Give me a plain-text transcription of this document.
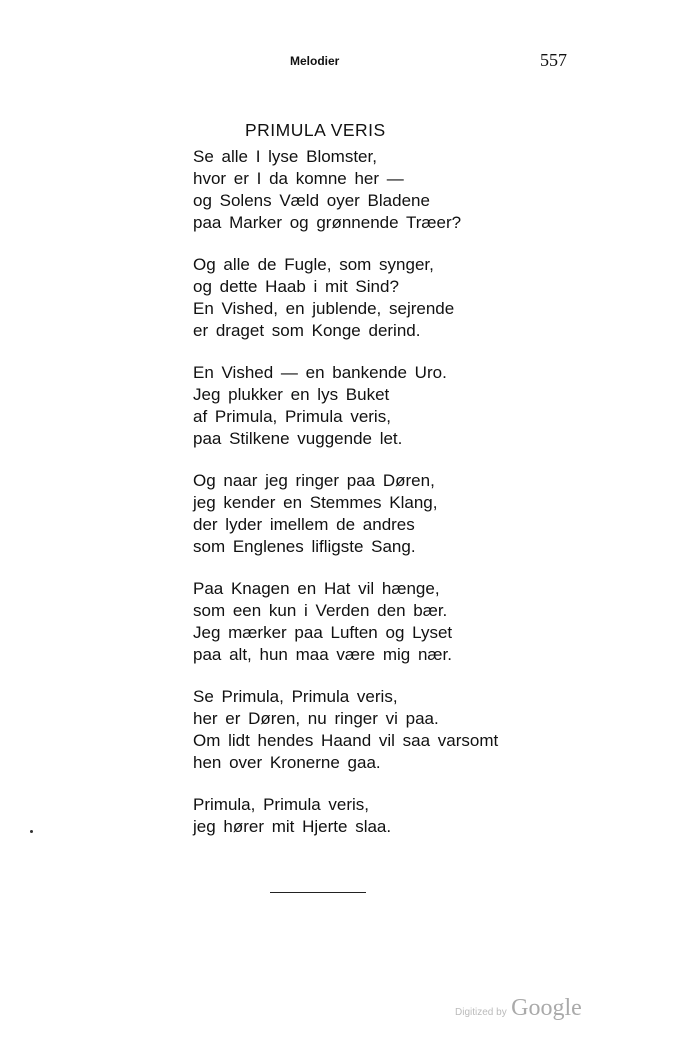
Melodier	557
PRIMULA VERIS
Se alle I lyse Blomster,
hvor er I da komne her —
og Solens Væld oyer Bladene
paa Marker og grønnende Træer?
Og alle de Fugle, som synger,
og dette Haab i mit Sind?
En Vished, en jublende, sejrende
er draget som Konge derind.
En Vished — en bankende Uro.
Jeg plukker en lys Buket
af Primula, Primula veris,
paa Stilkene vuggende let.
Og naar jeg ringer paa Døren,
jeg kender en Stemmes Klang,
der lyder imellem de andres
som Englenes lifligste Sang.
Paa Knagen en Hat vil hænge,
som een kun i Verden den bær.
Jeg mærker paa Luften og Lyset
paa alt, hun maa være mig nær.
Se Primula, Primula veris,
her er Døren, nu ringer vi paa.
Om lidt hendes Haand vil saa varsomt
hen over Kronerne gaa.
Primula, Primula veris,
jeg hører mit Hjerte slaa.
Digitized by Google
